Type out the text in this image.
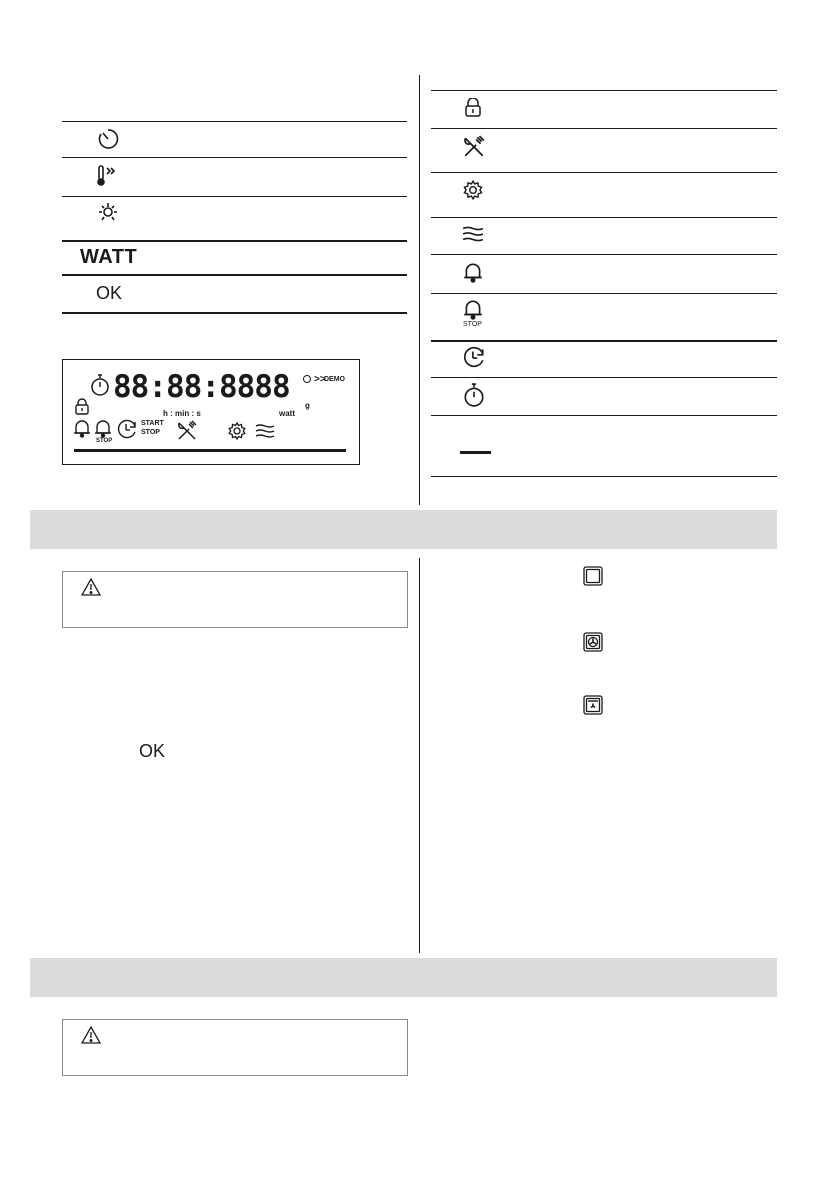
WATT
OK
88:88:8888 >>
DEMO
h : min : s	watt
g
STOP
START
STOP
STOP
OK
